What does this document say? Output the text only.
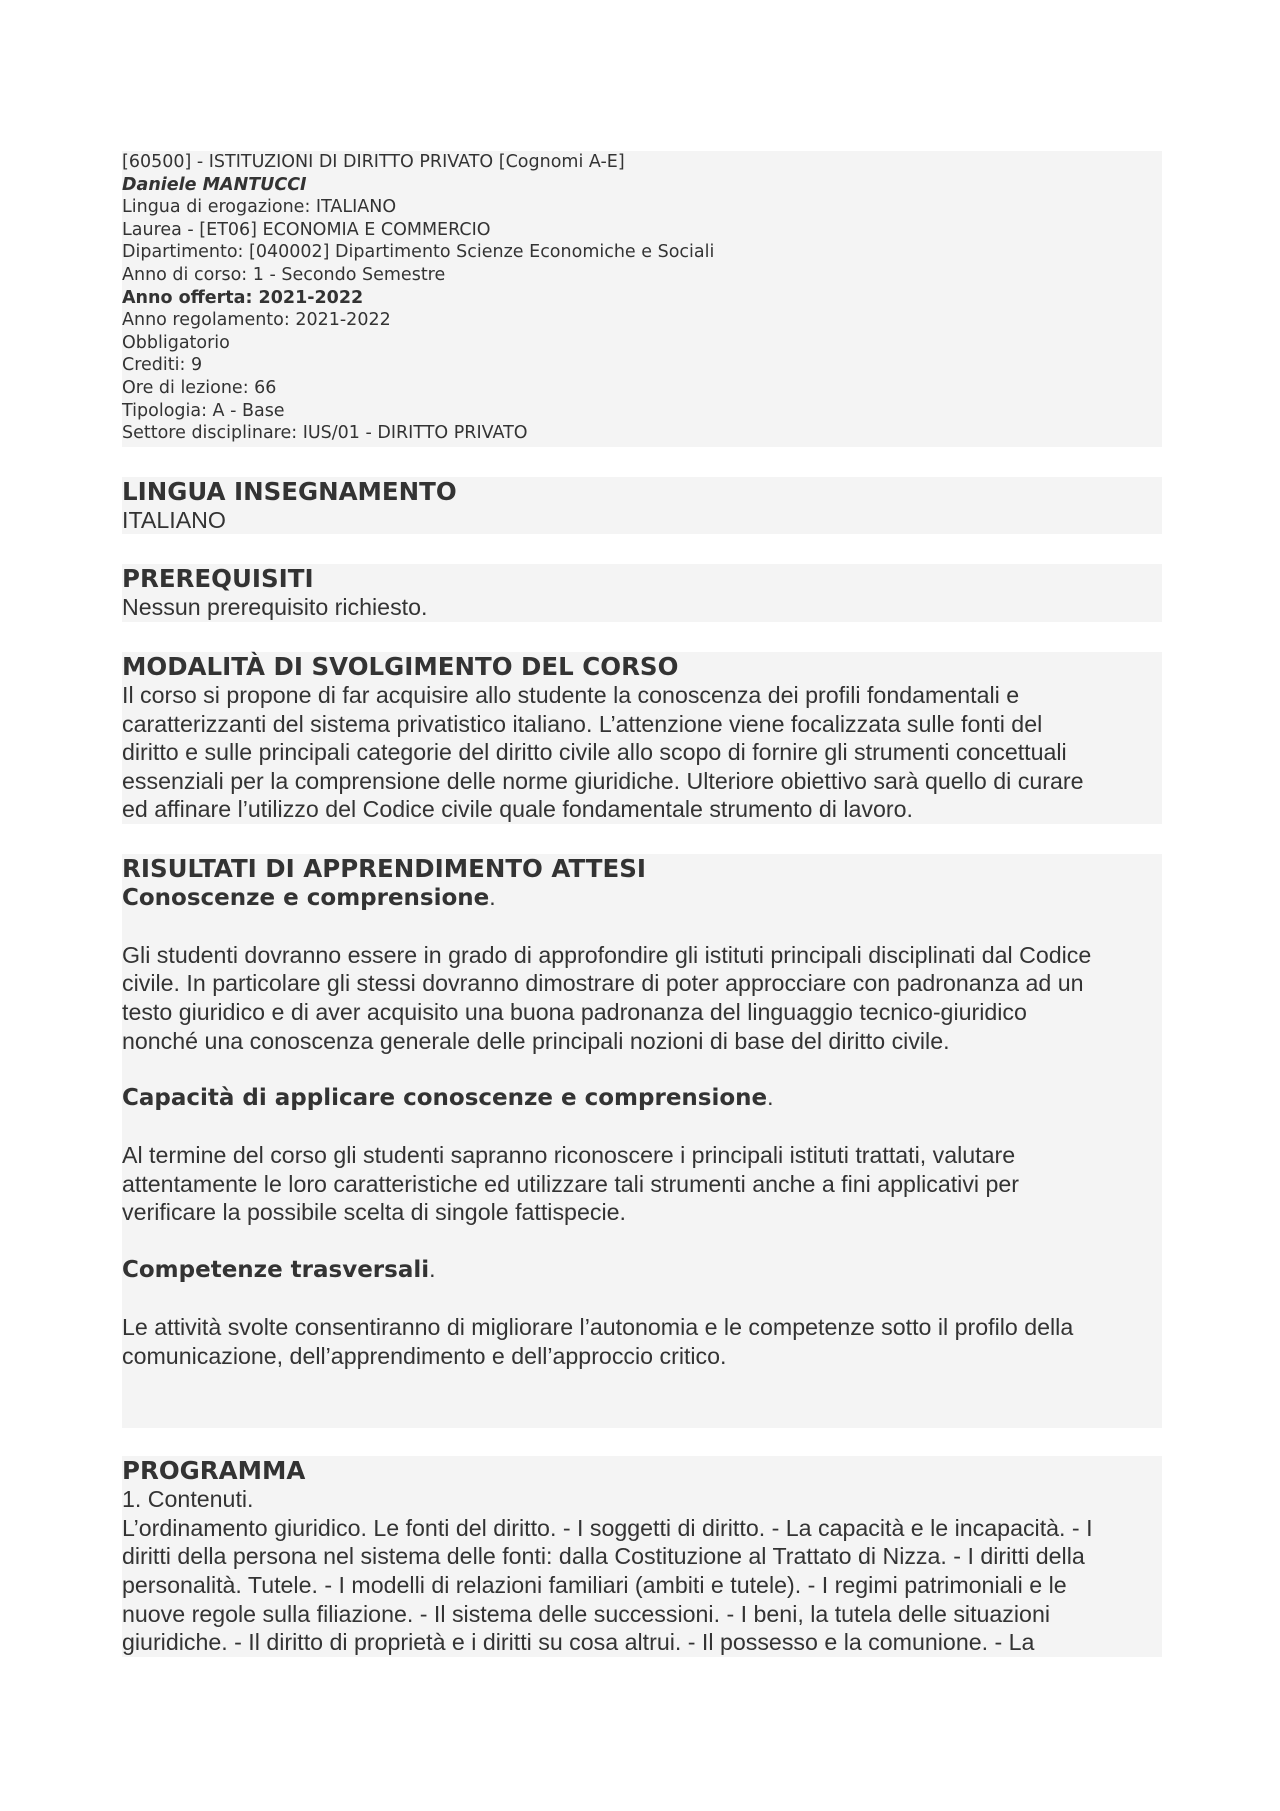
[60500] - ISTITUZIONI DI DIRITTO PRIVATO [Cognomi A-E]
Daniele MANTUCCI
Lingua di erogazione: ITALIANO
Laurea - [ET06] ECONOMIA E COMMERCIO
Dipartimento: [040002] Dipartimento Scienze Economiche e Sociali
Anno di corso: 1 - Secondo Semestre
Anno offerta: 2021-2022
Anno regolamento: 2021-2022
Obbligatorio
Crediti: 9
Ore di lezione: 66
Tipologia: A - Base
Settore disciplinare: IUS/01 - DIRITTO PRIVATO
LINGUA INSEGNAMENTO
ITALIANO
PREREQUISITI
Nessun prerequisito richiesto.
MODALITÀ DI SVOLGIMENTO DEL CORSO
Il corso si propone di far acquisire allo studente la conoscenza dei profili fondamentali e
caratterizzanti del sistema privatistico italiano. L’attenzione viene focalizzata sulle fonti del
diritto e sulle principali categorie del diritto civile allo scopo di fornire gli strumenti concettuali
essenziali per la comprensione delle norme giuridiche. Ulteriore obiettivo sarà quello di curare
ed affinare l’utilizzo del Codice civile quale fondamentale strumento di lavoro.
RISULTATI DI APPRENDIMENTO ATTESI
Conoscenze e comprensione.
Gli studenti dovranno essere in grado di approfondire gli istituti principali disciplinati dal Codice
civile. In particolare gli stessi dovranno dimostrare di poter approcciare con padronanza ad un
testo giuridico e di aver acquisito una buona padronanza del linguaggio tecnico-giuridico
nonché una conoscenza generale delle principali nozioni di base del diritto civile.
Capacità di applicare conoscenze e comprensione.
Al termine del corso gli studenti sapranno riconoscere i principali istituti trattati, valutare
attentamente le loro caratteristiche ed utilizzare tali strumenti anche a fini applicativi per
verificare la possibile scelta di singole fattispecie.
Competenze trasversali.
Le attività svolte consentiranno di migliorare l’autonomia e le competenze sotto il profilo della
comunicazione, dell’apprendimento e dell’approccio critico.
PROGRAMMA
1. Contenuti.
L’ordinamento giuridico. Le fonti del diritto. - I soggetti di diritto. - La capacità e le incapacità. - I
diritti della persona nel sistema delle fonti: dalla Costituzione al Trattato di Nizza. - I diritti della
personalità. Tutele. - I modelli di relazioni familiari (ambiti e tutele). - I regimi patrimoniali e le
nuove regole sulla filiazione. - Il sistema delle successioni. - I beni, la tutela delle situazioni
giuridiche. - Il diritto di proprietà e i diritti su cosa altrui. - Il possesso e la comunione. - La
